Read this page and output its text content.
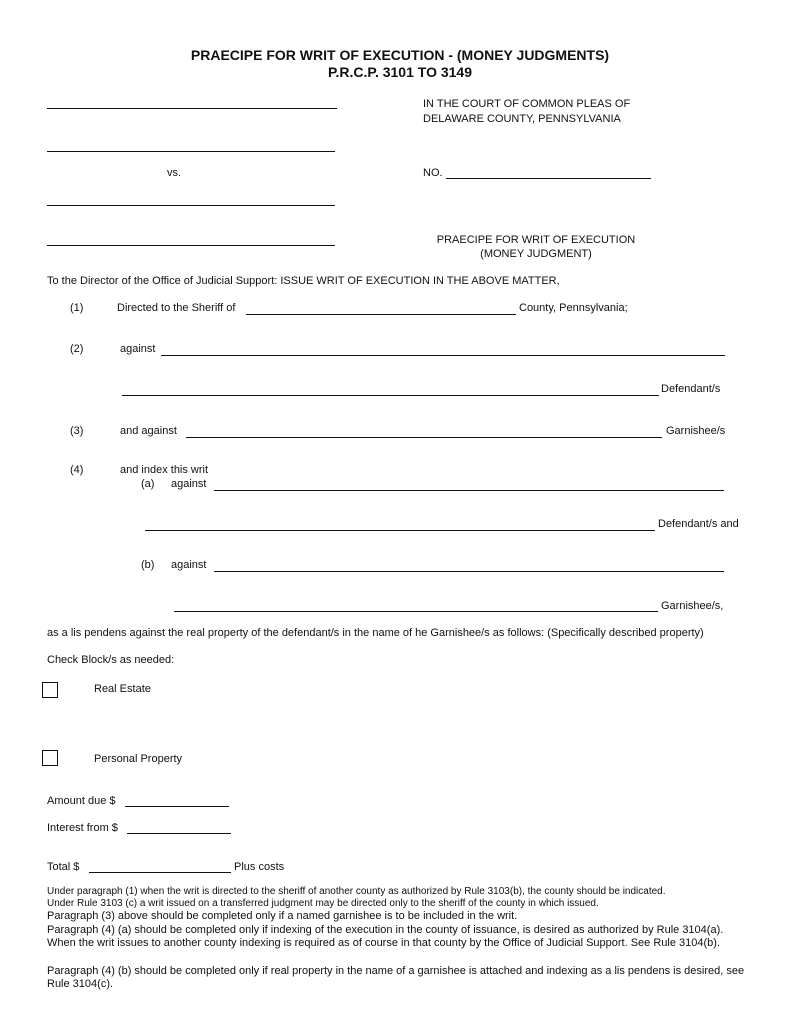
PRAECIPE FOR WRIT OF EXECUTION - (MONEY JUDGMENTS)
P.R.C.P. 3101 TO 3149
vs.
IN THE COURT OF COMMON PLEAS OF
DELAWARE COUNTY, PENNSYLVANIA
NO.
PRAECIPE FOR WRIT OF EXECUTION
(MONEY JUDGMENT)
To the Director of the Office of Judicial Support: ISSUE WRIT OF EXECUTION IN THE ABOVE MATTER,
(1)	Directed to the Sheriff of	County, Pennsylvania;
(2)	against
Defendant/s
(3)	and against	Garnishee/s
(4)	and index this writ
(a) against
Defendant/s and
(b) against
Garnishee/s,
as a lis pendens against the real property of the defendant/s in the name of he Garnishee/s as follows: (Specifically described property)
Check Block/s as needed:
Real Estate
Personal Property
Amount due $
Interest from $
Total $	Plus costs
Under paragraph (1) when the writ is directed to the sheriff of another county as authorized by Rule 3103(b), the county should be indicated.
Under Rule 3103 (c) a writ issued on a transferred judgment may be directed only to the sheriff of the county in which issued.
Paragraph (3) above should be completed only if a named garnishee is to be included in the writ.
Paragraph (4) (a) should be completed only if indexing of the execution in the county of issuance, is desired as authorized by Rule 3104(a). When the writ issues to another county indexing is required as of course in that county by the Office of Judicial Support. See Rule 3104(b).
Paragraph (4) (b) should be completed only if real property in the name of a garnishee is attached and indexing as a lis pendens is desired, see Rule 3104(c).
